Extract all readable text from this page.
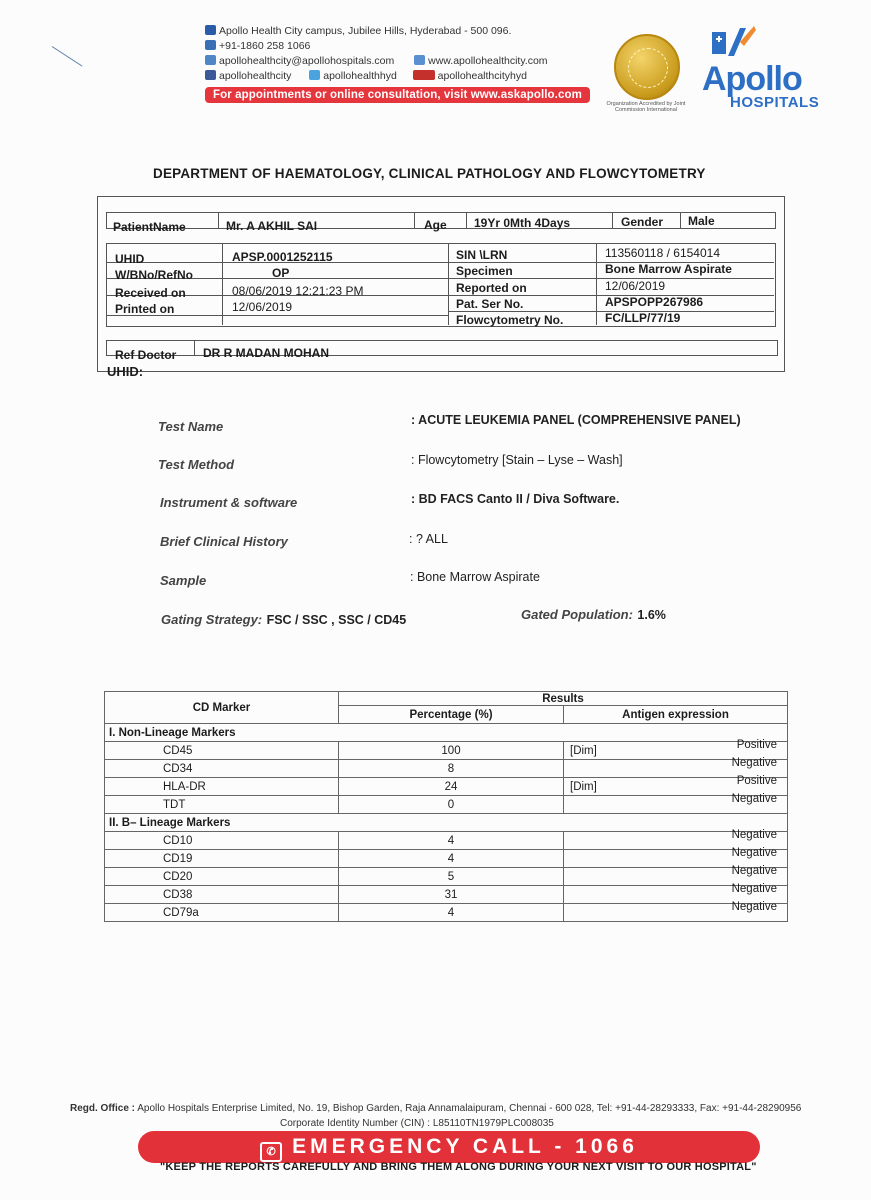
Apollo Health City campus, Jubilee Hills, Hyderabad - 500 096.
+91-1860 258 1066
apollohealthcity@apollohospitals.com	www.apollohealthcity.com
apollohealthcity	apollohealthhyd	apollohealthcityhyd
For appointments or online consultation, visit www.askapollo.com
Organization Accredited by Joint Commission International
Apollo
HOSPITALS
DEPARTMENT OF HAEMATOLOGY, CLINICAL PATHOLOGY AND FLOWCYTOMETRY
PatientName	Mr. A AKHIL SAI	Age 19Yr 0Mth 4Days	Gender Male
UHID	APSP.0001252115
W/BNo/RefNo	OP
Received on	08/06/2019 12:21:23 PM
Printed on	12/06/2019
SIN \LRN	113560118 / 6154014
Specimen	Bone Marrow Aspirate
Reported on	12/06/2019
Pat. Ser No.	APSPOPP267986
Flowcytometry No.	FC/LLP/77/19
Ref Doctor DR R MADAN MOHAN
UHID:
Test Name	: ACUTE LEUKEMIA PANEL (COMPREHENSIVE PANEL)
Test Method	: Flowcytometry [Stain – Lyse – Wash]
Instrument & software	: BD FACS Canto II / Diva Software.
Brief Clinical History	: ? ALL
Sample	: Bone Marrow Aspirate
Gating Strategy: FSC / SSC , SSC / CD45	Gated Population: 1.6%
CD Marker	Results	
	Percentage (%)	Antigen expression
I. Non-Lineage Markers		
CD45	100	[Dim] Positive

CD34	8	Negative

HLA-DR	24	[Dim] Positive

TDT	0	Negative

II. B– Lineage Markers		
CD10	4	Negative

CD19	4	Negative

CD20	5	Negative

CD38	31	Negative

CD79a	4	Negative
Regd. Office : Apollo Hospitals Enterprise Limited, No. 19, Bishop Garden, Raja Annamalaipuram, Chennai - 600 028, Tel: +91-44-28293333, Fax: +91-44-28290956
Corporate Identity Number (CIN) : L85110TN1979PLC008035
✆ EMERGENCY CALL - 1066
"KEEP THE REPORTS CAREFULLY AND BRING THEM ALONG DURING YOUR NEXT VISIT TO OUR HOSPITAL"
